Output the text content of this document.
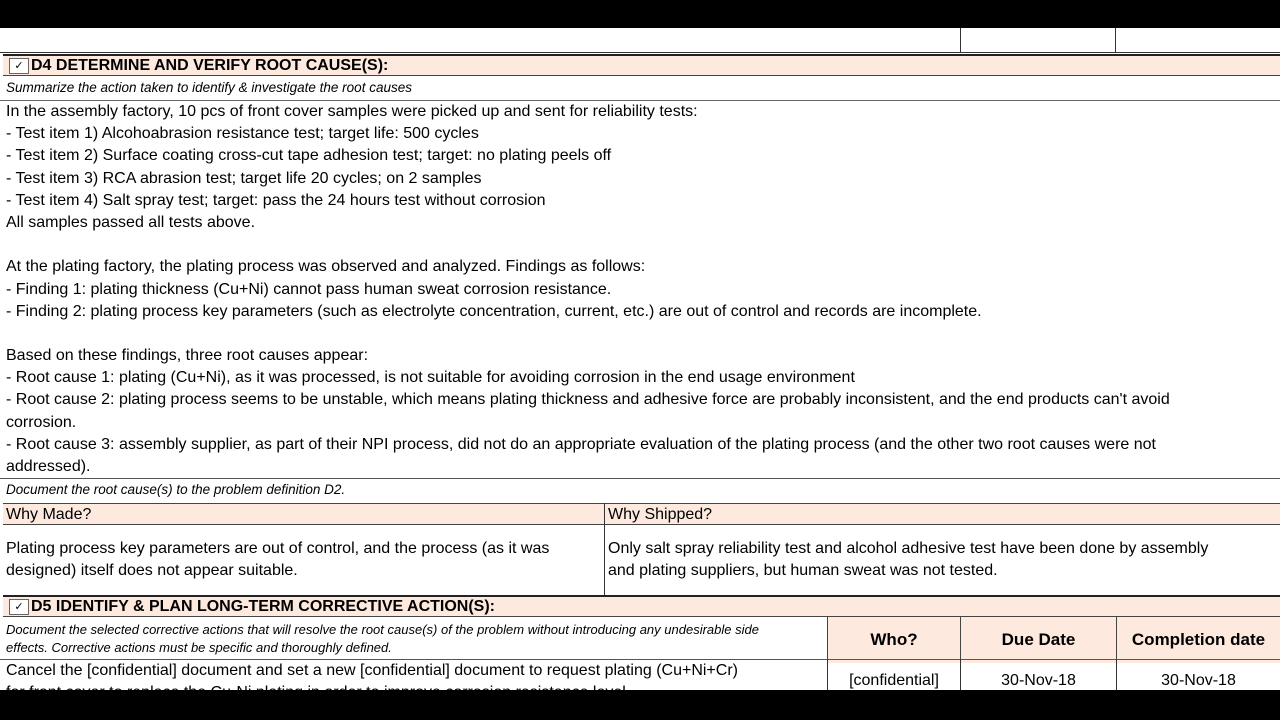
✓ D4 DETERMINE AND VERIFY ROOT CAUSE(S):
Summarize the action taken to identify & investigate the root causes
In the assembly factory, 10 pcs of front cover samples were picked up and sent for reliability tests:
- Test item 1) Alcohoabrasion resistance test; target life: 500 cycles
- Test item 2) Surface coating cross-cut tape adhesion test; target: no plating peels off
- Test item 3) RCA abrasion test; target life 20 cycles; on 2 samples
- Test item 4) Salt spray test; target: pass the 24 hours test without corrosion
All samples passed all tests above.
At the plating factory, the plating process was observed and analyzed. Findings as follows:
- Finding 1: plating thickness (Cu+Ni) cannot pass human sweat corrosion resistance.
- Finding 2: plating process key parameters (such as electrolyte concentration, current, etc.) are out of control and records are incomplete.
Based on these findings, three root causes appear:
- Root cause 1: plating (Cu+Ni), as it was processed, is not suitable for avoiding corrosion in the end usage environment
- Root cause 2: plating process seems to be unstable, which means plating thickness and adhesive force are probably inconsistent, and the end products can't avoid
corrosion.
- Root cause 3: assembly supplier, as part of their NPI process, did not do an appropriate evaluation of the plating process (and the other two root causes were not
addressed).
Document the root cause(s) to the problem definition D2.
Why Made?	Why Shipped?
Plating process key parameters are out of control, and the process (as it was
designed) itself does not appear suitable.
Only salt spray reliability test and alcohol adhesive test have been done by assembly
and plating suppliers, but human sweat was not tested.
✓ D5 IDENTIFY & PLAN LONG-TERM CORRECTIVE ACTION(S):
Document the selected corrective actions that will resolve the root cause(s) of the problem without introducing any undesirable side
effects. Corrective actions must be specific and thoroughly defined.	Who?	Due Date	Completion date
Cancel the [confidential] document and set a new [confidential] document to request plating (Cu+Ni+Cr)
for front cover to replace the Cu-Ni plating in order to improve corrosion resistance level.
[confidential]	30-Nov-18	30-Nov-18
